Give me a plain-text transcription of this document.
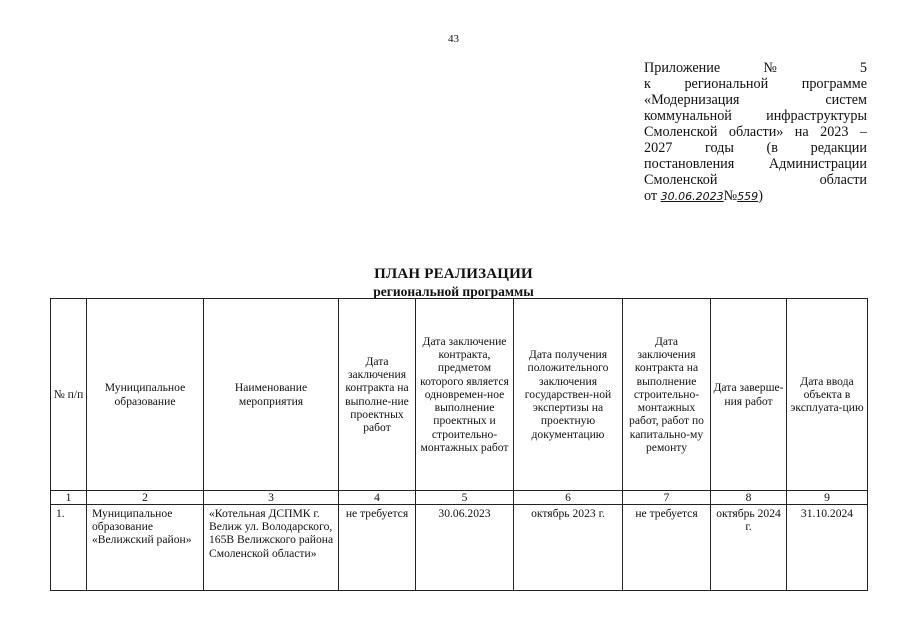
43
Приложение № 5
к региональной программе
«Модернизация систем
коммунальной инфраструктуры
Смоленской области» на 2023 –
2027 годы (в редакции
постановления Администрации
Смоленской области
от 30.06.2023№559)
ПЛАН РЕАЛИЗАЦИИ
региональной программы
№ п/п	Муниципальное образование	Наименование мероприятия	Дата заключения контракта на выполне-ние проектных работ	Дата заключение контракта, предметом которого является одновремен-ное выполнение проектных и строительно-монтажных работ	Дата получения положительного заключения государствен-ной экспертизы на проектную документацию	Дата заключения контракта на выполнение строительно-монтажных работ, работ по капитально-му ремонту	Дата заверше-ния работ	Дата ввода объекта в эксплуата-цию
1	2	3	4	5	6	7	8	9
1.	Муниципальное образование «Велижский район»	«Котельная ДСПМК г. Велиж ул. Володарского, 165В Велижского района Смоленской области»	не требуется	30.06.2023	октябрь 2023 г.	не требуется	октябрь 2024 г.	31.10.2024
